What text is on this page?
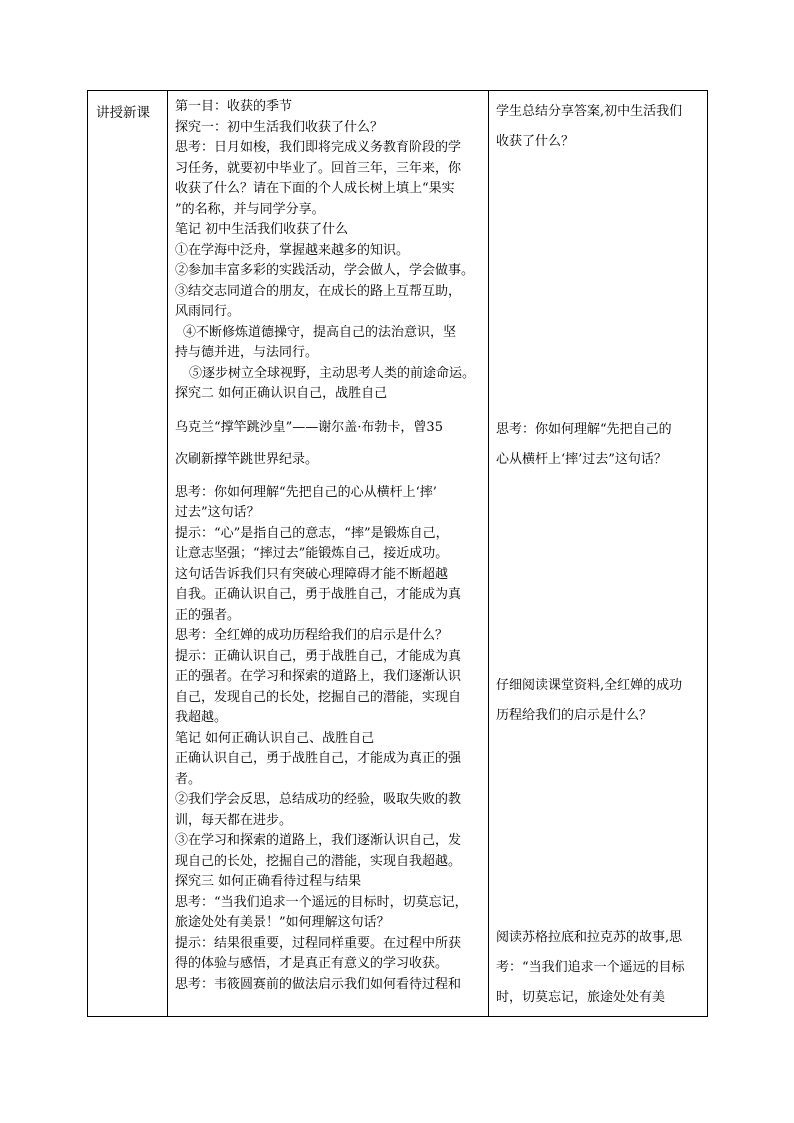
讲授新课 第一目：收获的季节

探究一：初中生活我们收获了什么？

思考：日月如梭，我们即将完成义务教育阶段的学

习任务，就要初中毕业了。回首三年，三年来，你

收获了什么？请在下面的个人成长树上填上“果实

”的名称，并与同学分享。

笔记 初中生活我们收获了什么

①在学海中泛舟，掌握越来越多的知识。

②参加丰富多彩的实践活动，学会做人，学会做事。

③结交志同道合的朋友，在成长的路上互帮互助，

风雨同行。

④不断修炼道德操守，提高自己的法治意识，坚

持与德并进，与法同行。

⑤逐步树立全球视野，主动思考人类的前途命运。

探究二 如何正确认识自己，战胜自己

乌克兰“撑竿跳沙皇”——谢尔盖·布勃卡，曾35

次刷新撑竿跳世界纪录。

思考：你如何理解“先把自己的心从横杆上‘摔’

过去”这句话？

提示：“心”是指自己的意志，“摔”是锻炼自己，

让意志坚强；“摔过去”能锻炼自己，接近成功。

这句话告诉我们只有突破心理障碍才能不断超越

自我。正确认识自己，勇于战胜自己，才能成为真

正的强者。

思考：全红婵的成功历程给我们的启示是什么？

提示：正确认识自己，勇于战胜自己，才能成为真

正的强者。在学习和探索的道路上，我们逐渐认识

自己，发现自己的长处，挖掘自己的潜能，实现自

我超越。

笔记 如何正确认识自己、战胜自己

正确认识自己，勇于战胜自己，才能成为真正的强

者。

②我们学会反思，总结成功的经验，吸取失败的教

训，每天都在进步。

③在学习和探索的道路上，我们逐渐认识自己，发

现自己的长处，挖掘自己的潜能，实现自我超越。

探究三 如何正确看待过程与结果

思考：“当我们追求一个遥远的目标时，切莫忘记，

旅途处处有美景！”如何理解这句话？

提示：结果很重要，过程同样重要。在过程中所获

得的体验与感悟，才是真正有意义的学习收获。

思考：韦筱圆赛前的做法启示我们如何看待过程和

学生总结分享答案,初中生活我们

收获了什么？

思考：你如何理解“先把自己的

心从横杆上‘摔’过去”这句话？

仔细阅读课堂资料,全红婵的成功

历程给我们的启示是什么？

阅读苏格拉底和拉克苏的故事,思

考：“当我们追求一个遥远的目标

时，切莫忘记，旅途处处有美
